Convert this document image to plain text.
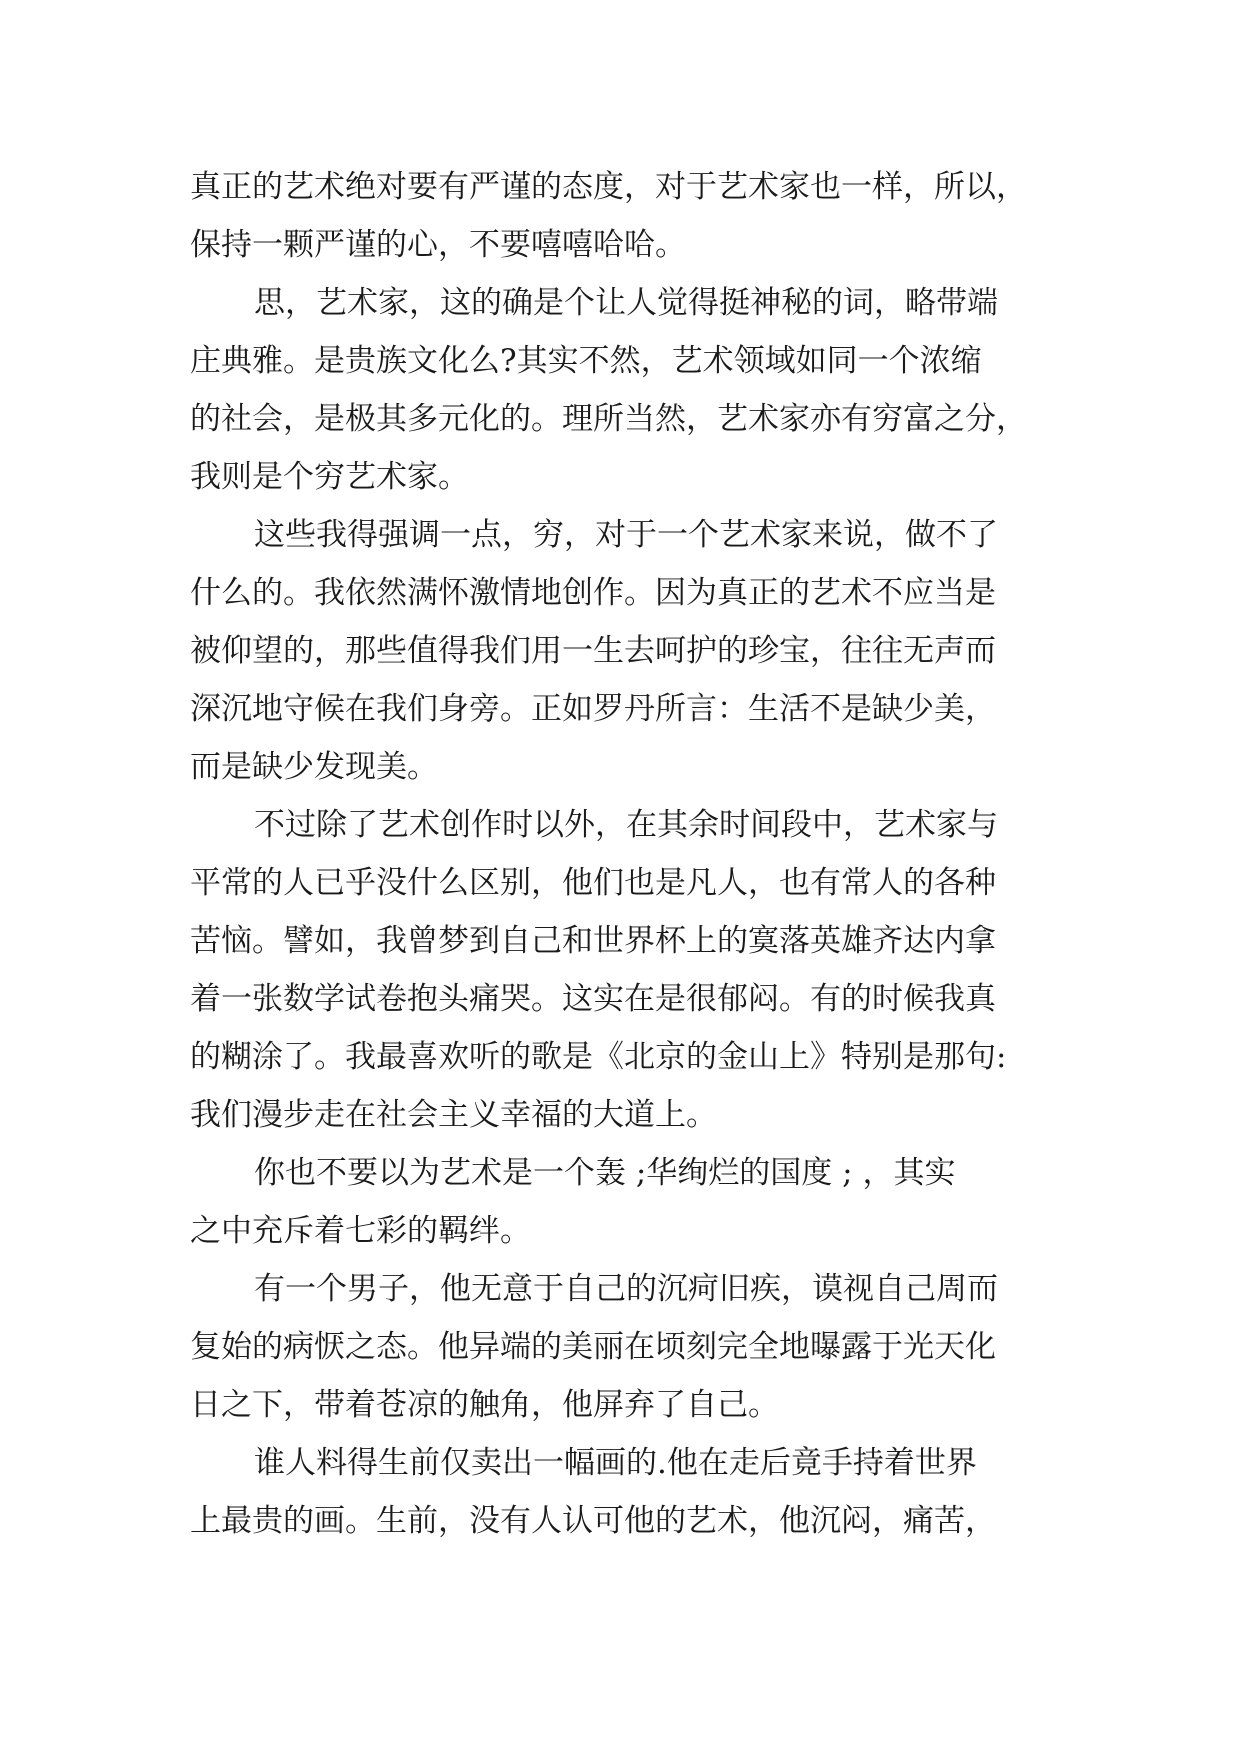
真正的艺术绝对要有严谨的态度，对于艺术家也一样，所以，
保持一颗严谨的心，不要嘻嘻哈哈。
思，艺术家，这的确是个让人觉得挺神秘的词，略带端
庄典雅。是贵族文化么?其实不然，艺术领域如同一个浓缩
的社会，是极其多元化的。理所当然，艺术家亦有穷富之分，
我则是个穷艺术家。
这些我得强调一点，穷，对于一个艺术家来说，做不了
什么的。我依然满怀激情地创作。因为真正的艺术不应当是
被仰望的，那些值得我们用一生去呵护的珍宝，往往无声而
深沉地守候在我们身旁。正如罗丹所言：生活不是缺少美，
而是缺少发现美。
不过除了艺术创作时以外，在其余时间段中，艺术家与
平常的人已乎没什么区别，他们也是凡人，也有常人的各种
苦恼。譬如，我曾梦到自己和世界杯上的寞落英雄齐达内拿
着一张数学试卷抱头痛哭。这实在是很郁闷。有的时候我真
的糊涂了。我最喜欢听的歌是《北京的金山上》特别是那句:
我们漫步走在社会主义幸福的大道上。
你也不要以为艺术是一个轰 ;华绚烂的国度 ; ，其实
之中充斥着七彩的羁绊。
有一个男子，他无意于自己的沉疴旧疾，谟视自己周而
复始的病恹之态。他异端的美丽在顷刻完全地曝露于光天化
日之下，带着苍凉的触角，他屏弃了自己。
谁人料得生前仅卖出一幅画的.他在走后竟手持着世界
上最贵的画。生前，没有人认可他的艺术，他沉闷，痛苦，
